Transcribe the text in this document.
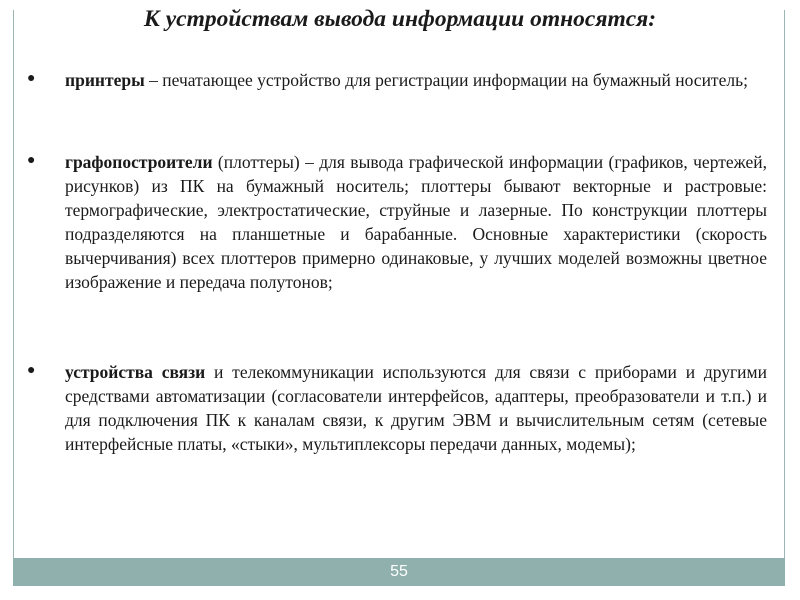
К устройствам вывода информации относятся:
● принтеры – печатающее устройство для регистрации информации на бумажный носитель;

● графопостроители (плоттеры) – для вывода графической информации (графиков, чертежей, рисунков) из ПК на бумажный носитель; плоттеры бывают векторные и растровые: термографические, электростатические, струйные и лазерные. По конструкции плоттеры подразделяются на планшетные и барабанные. Основные характеристики (скорость вычерчивания) всех плоттеров примерно одинаковые, у лучших моделей возможны цветное изображение и передача полутонов;

● устройства связи и телекоммуникации используются для связи с приборами и другими средствами автоматизации (согласователи интерфейсов, адаптеры, преобразователи и т.п.) и для подключения ПК к каналам связи, к другим ЭВМ и вычислительным сетям (сетевые интерфейсные платы, «стыки», мультиплексоры передачи данных, модемы);

55
